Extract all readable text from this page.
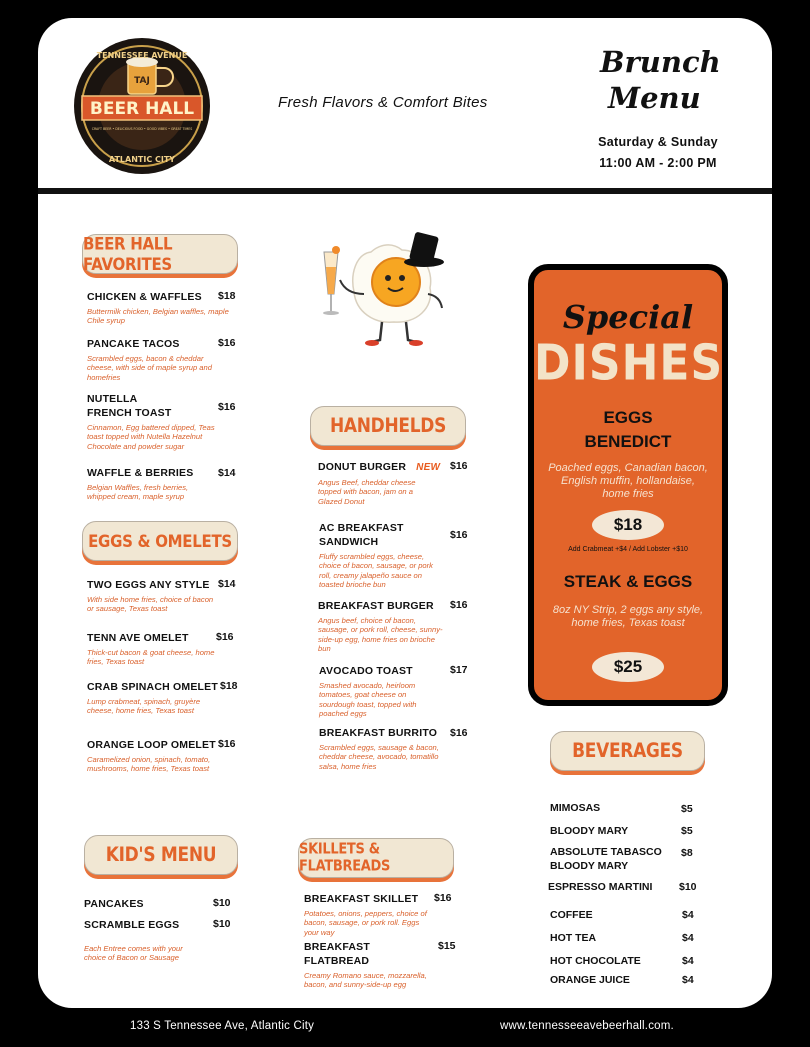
TAJ
BEER HALL
TENNESSEE AVENUE
CRAFT BEER • DELICIOUS FOOD • GOOD VIBES • GREAT TIMES
ATLANTIC CITY
Fresh Flavors & Comfort Bites
Brunch
Menu
Saturday & Sunday
11:00 AM - 2:00 PM
BEER HALL FAVORITES
CHICKEN & WAFFLES
Buttermilk chicken, Belgian waffles, maple Chile syrup
$18
PANCAKE TACOS
Scrambled eggs, bacon & cheddar cheese, with side of maple syrup and homefries
$16
NUTELLA
FRENCH TOAST
Cinnamon, Egg battered dipped, Teas toast topped with Nutella Hazelnut Chocolate and powder sugar
$16
WAFFLE & BERRIES
Belgian Waffles, fresh berries, whipped cream, maple syrup
$14
EGGS & OMELETS
TWO EGGS ANY STYLE
With side home fries, choice of bacon or sausage, Texas toast
$14
TENN AVE OMELET
Thick-cut bacon & goat cheese, home fries, Texas toast
$16
CRAB SPINACH OMELET
Lump crabmeat, spinach, gruyère cheese, home fries, Texas toast
$18
ORANGE LOOP OMELET
Caramelized onion, spinach, tomato, mushrooms, home fries, Texas toast
$16
KID'S MENU
PANCAKES	$10
SCRAMBLE EGGS	$10
Each Entree comes with your choice of Bacon or Sausage
HANDHELDS
DONUT BURGER NEW
Angus Beef, cheddar cheese topped with bacon, jam on a Glazed Donut
$16
AC BREAKFAST
SANDWICH
Fluffy scrambled eggs, cheese, choice of bacon, sausage, or pork roll, creamy jalapeño sauce on toasted brioche bun
$16
BREAKFAST BURGER
Angus beef, choice of bacon, sausage, or pork roll, cheese, sunny-side-up egg, home fries on brioche bun
$16
AVOCADO TOAST
Smashed avocado, heirloom tomatoes, goat cheese on sourdough toast, topped with poached eggs
$17
BREAKFAST BURRITO
Scrambled eggs, sausage & bacon, cheddar cheese, avocado, tomatillo salsa, home fries
$16
SKILLETS & FLATBREADS
BREAKFAST SKILLET
Potatoes, onions, peppers, choice of bacon, sausage, or pork roll. Eggs your way
$16
BREAKFAST FLATBREAD
Creamy Romano sauce, mozzarella, bacon, and sunny-side-up egg
$15
Special
DISHES
EGGS
BENEDICT
Poached eggs, Canadian bacon, English muffin, hollandaise, home fries
$18
Add Crabmeat +$4 / Add Lobster +$10
STEAK & EGGS
8oz NY Strip, 2 eggs any style, home fries, Texas toast
$25
BEVERAGES
MIMOSAS	$5
BLOODY MARY	$5
ABSOLUTE TABASCO
BLOODY MARY
$8
ESPRESSO MARTINI	$10
COFFEE	$4
HOT TEA	$4
HOT CHOCOLATE	$4
ORANGE JUICE	$4
133 S Tennessee Ave, Atlantic City	www.tennesseeavebeerhall.com.
